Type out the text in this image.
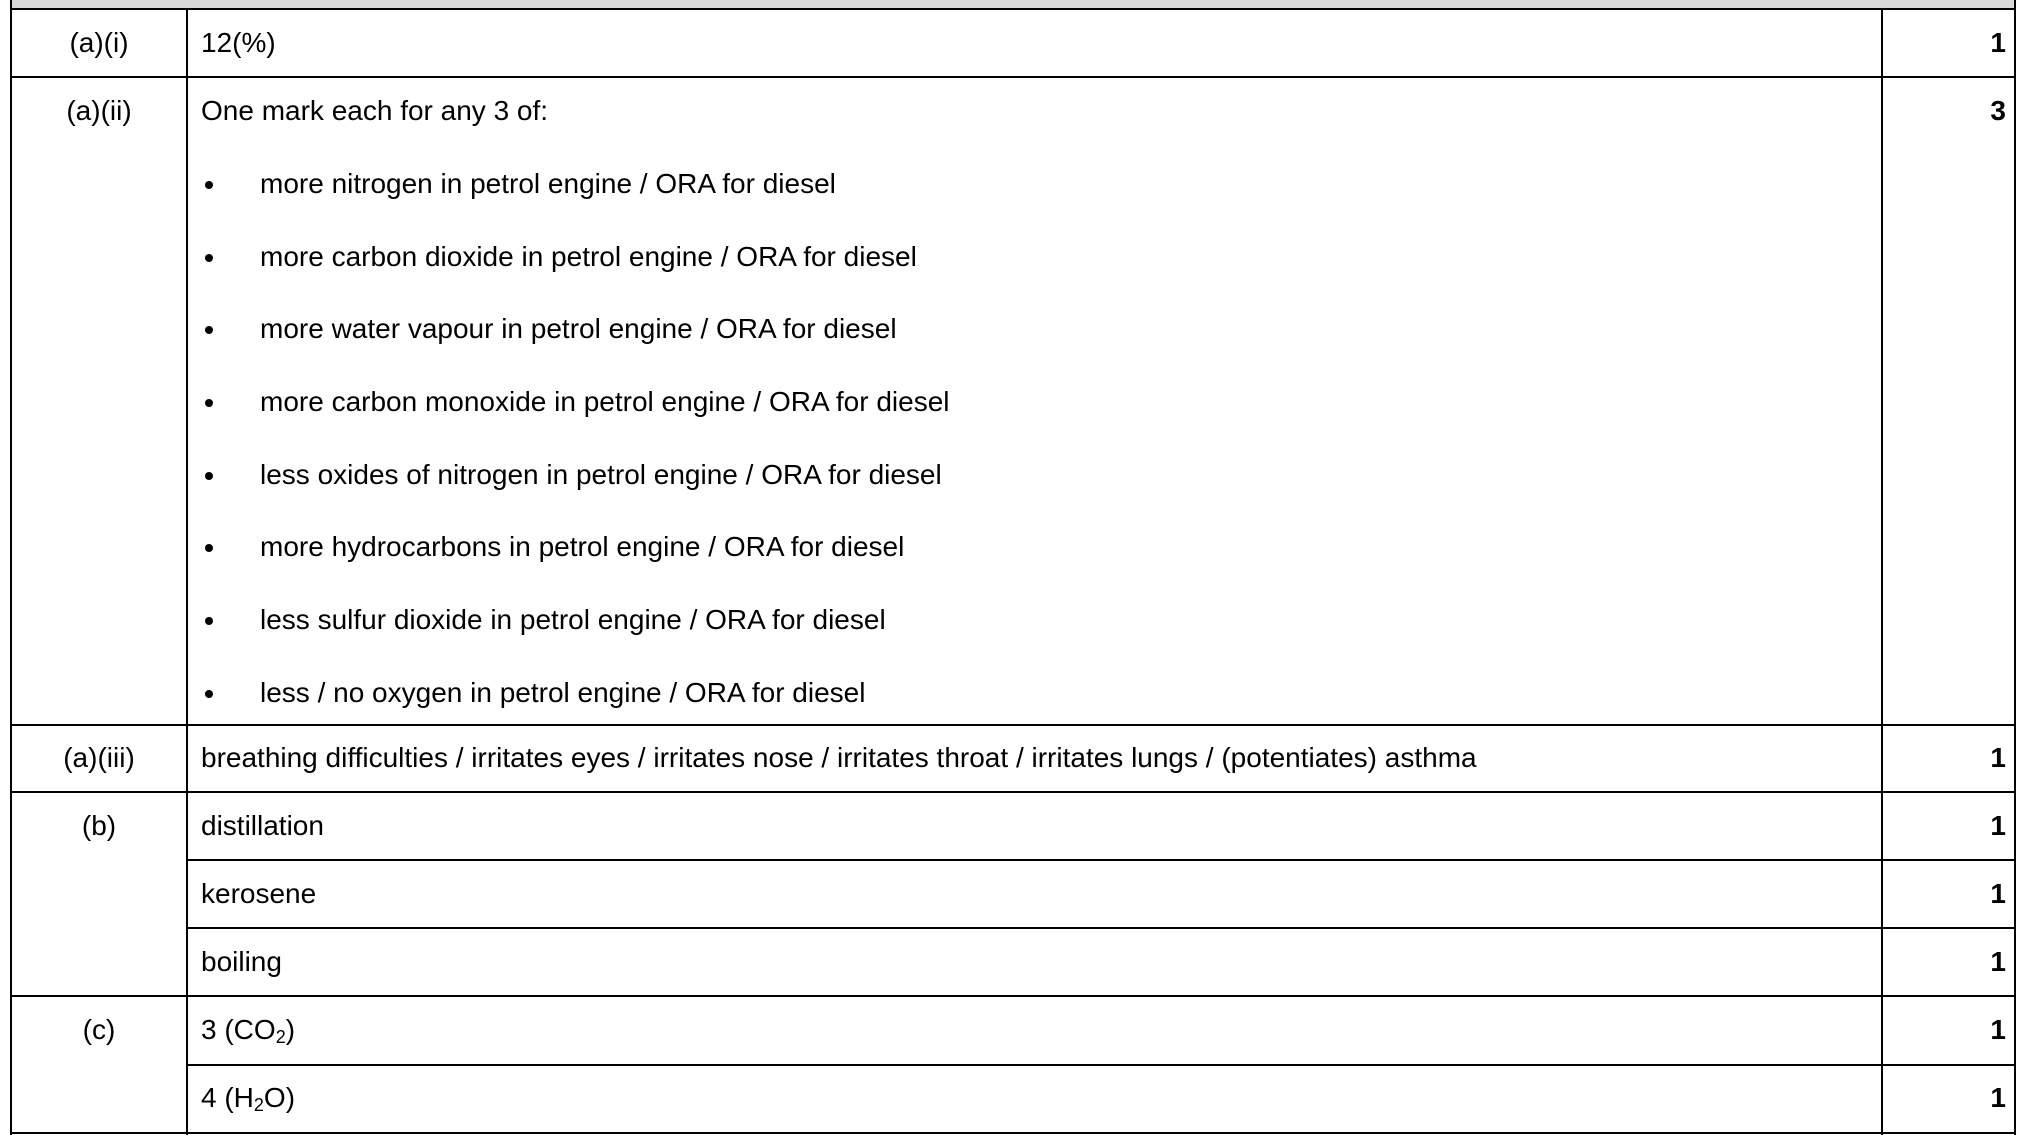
(a)(i)	12(%)	1
(a)(ii)	One mark each for any 3 of:	3
more nitrogen in petrol engine / ORA for diesel
more carbon dioxide in petrol engine / ORA for diesel
more water vapour in petrol engine / ORA for diesel
more carbon monoxide in petrol engine / ORA for diesel
less oxides of nitrogen in petrol engine / ORA for diesel
more hydrocarbons in petrol engine / ORA for diesel
less sulfur dioxide in petrol engine / ORA for diesel
less / no oxygen in petrol engine / ORA for diesel
(a)(iii)	breathing difficulties / irritates eyes / irritates nose / irritates throat / irritates lungs / (potentiates) asthma	1
(b)	distillation	1
kerosene	1
boiling	1
(c)	3 $(CO_2)$	1
4 $(H_2O)$	1
